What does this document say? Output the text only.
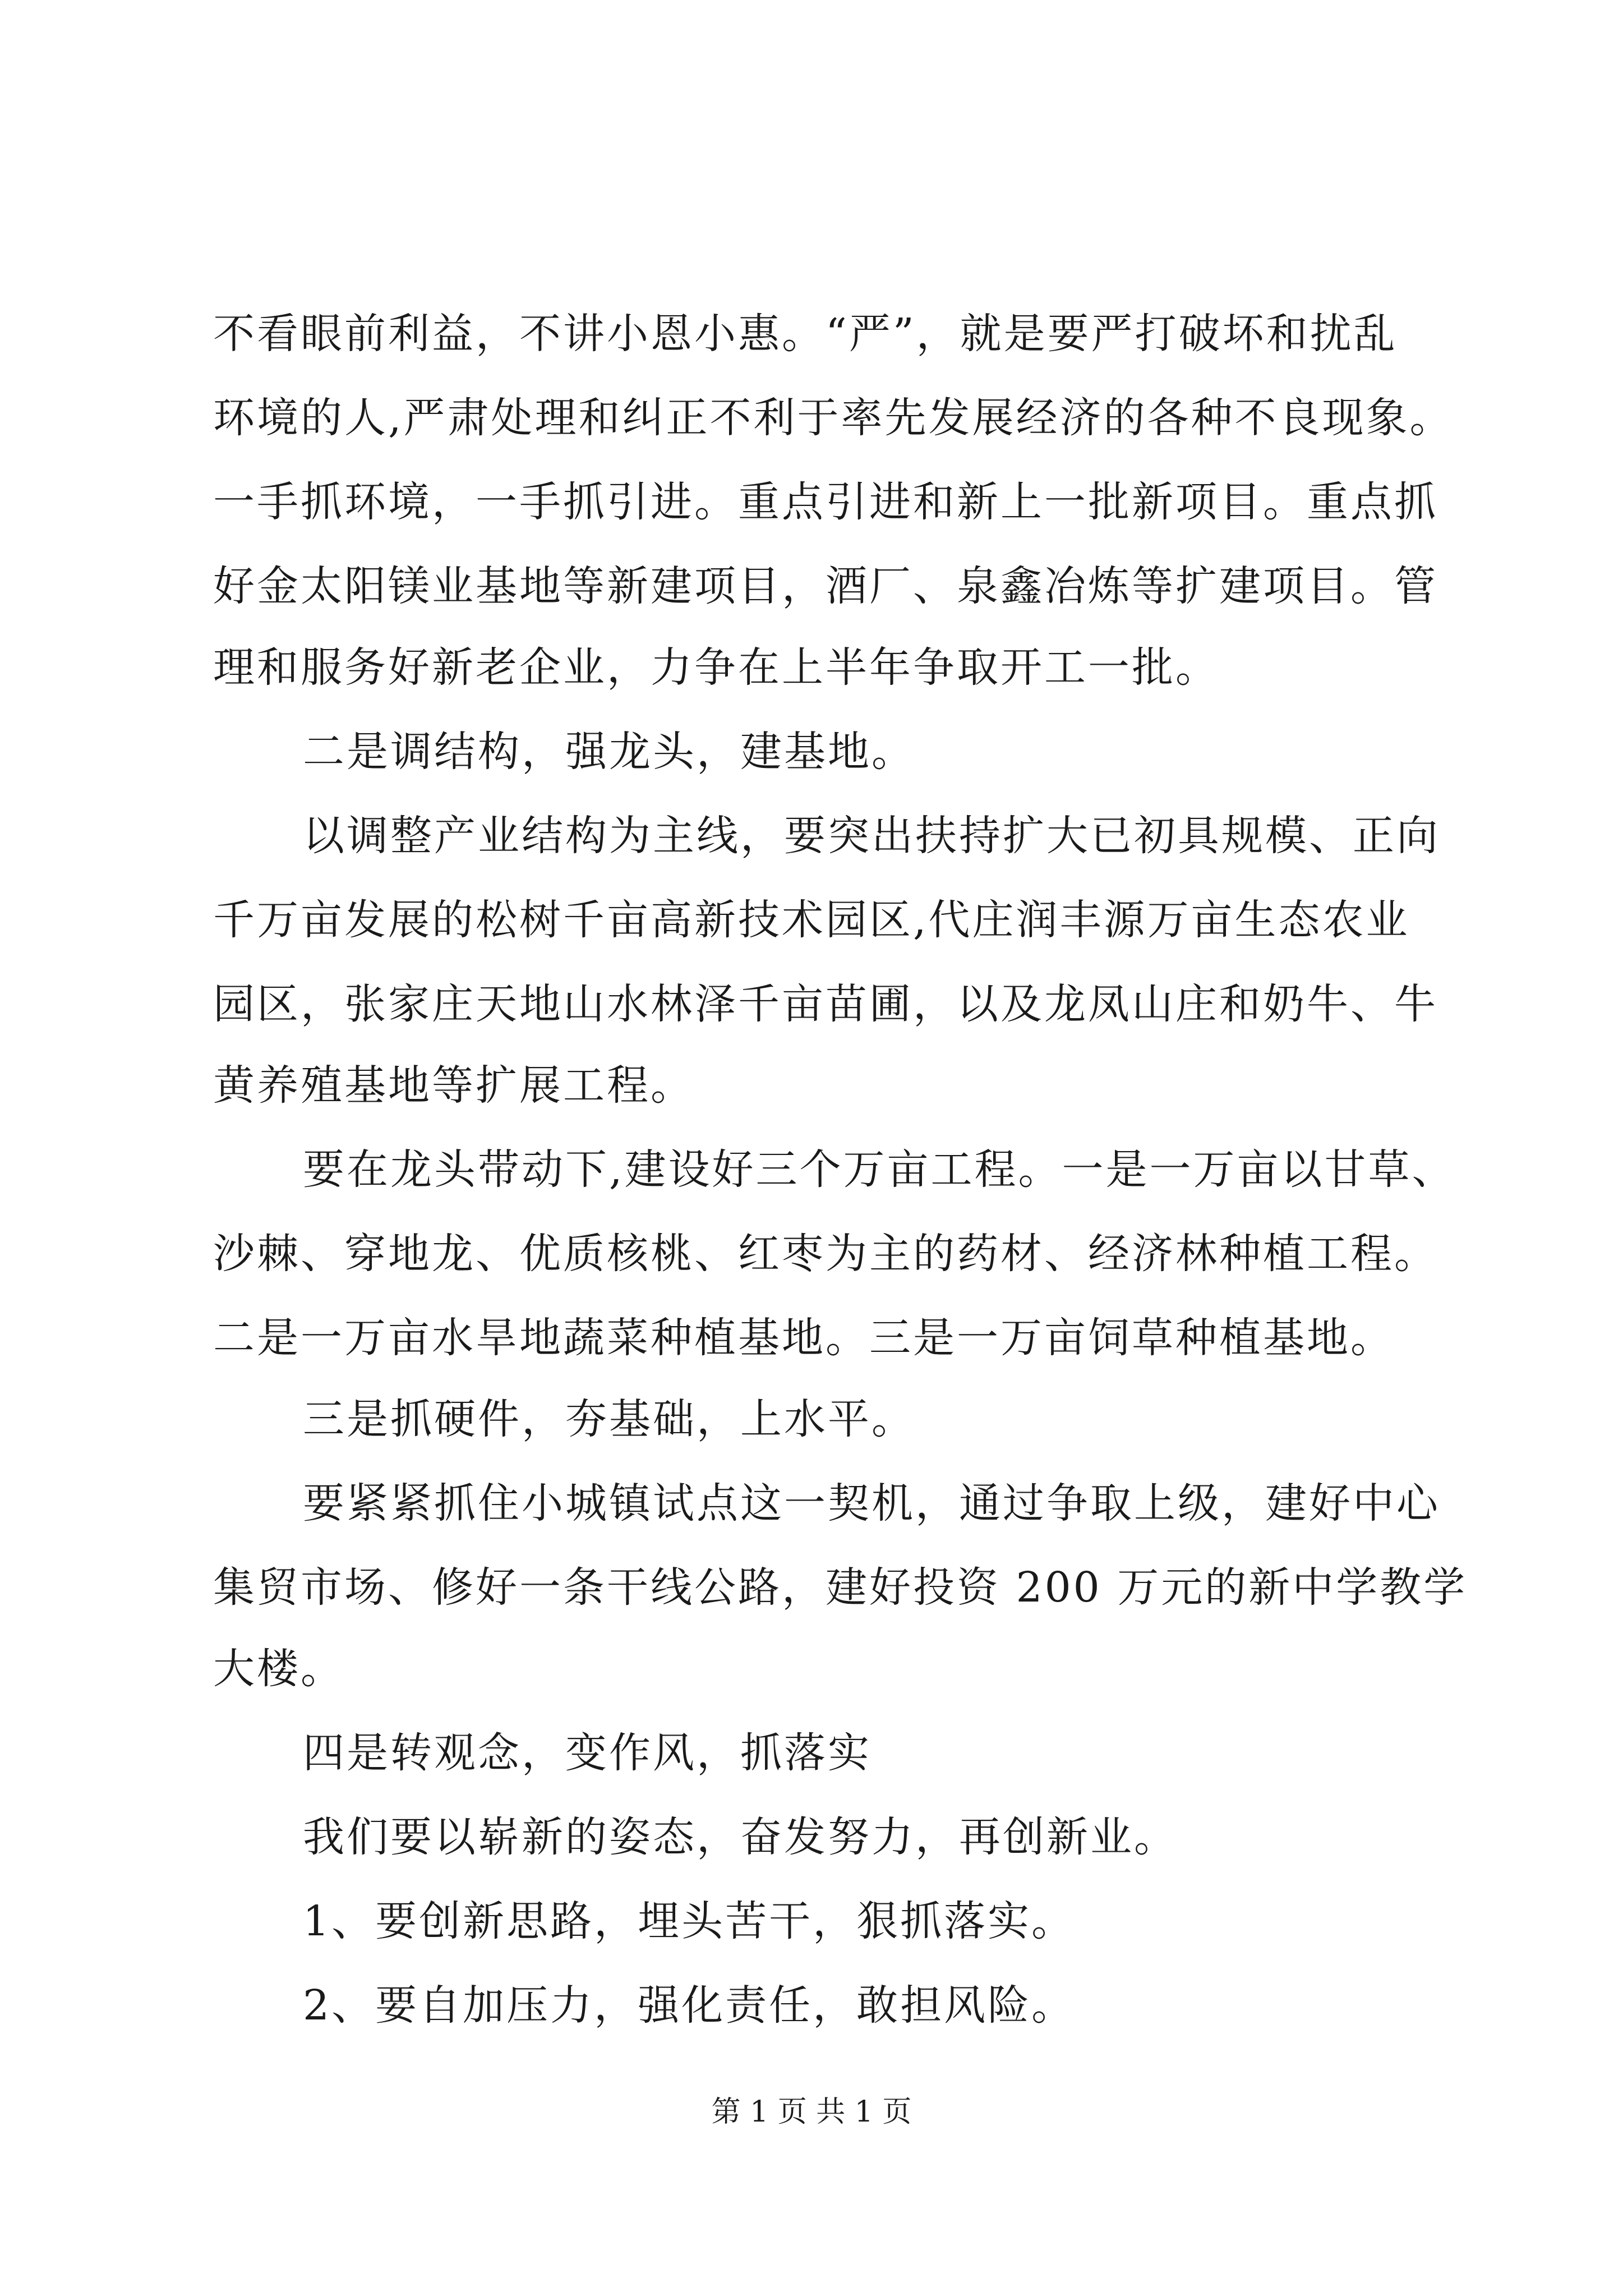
不看眼前利益，不讲小恩小惠。“严”，就是要严打破坏和扰乱
环境的人,严肃处理和纠正不利于率先发展经济的各种不良现象。
一手抓环境，一手抓引进。重点引进和新上一批新项目。重点抓
好金太阳镁业基地等新建项目，酒厂、泉鑫冶炼等扩建项目。管
理和服务好新老企业，力争在上半年争取开工一批。
二是调结构，强龙头，建基地。
以调整产业结构为主线，要突出扶持扩大已初具规模、正向
千万亩发展的松树千亩高新技术园区,代庄润丰源万亩生态农业
园区，张家庄天地山水林泽千亩苗圃，以及龙凤山庄和奶牛、牛
黄养殖基地等扩展工程。
要在龙头带动下,建设好三个万亩工程。一是一万亩以甘草、
沙棘、穿地龙、优质核桃、红枣为主的药材、经济林种植工程。
二是一万亩水旱地蔬菜种植基地。三是一万亩饲草种植基地。
三是抓硬件，夯基础，上水平。
要紧紧抓住小城镇试点这一契机，通过争取上级，建好中心
集贸市场、修好一条干线公路，建好投资 200 万元的新中学教学
大楼。
四是转观念，变作风，抓落实
我们要以崭新的姿态，奋发努力，再创新业。
1、要创新思路，埋头苦干，狠抓落实。
2、要自加压力，强化责任，敢担风险。
第 1 页 共 1 页
